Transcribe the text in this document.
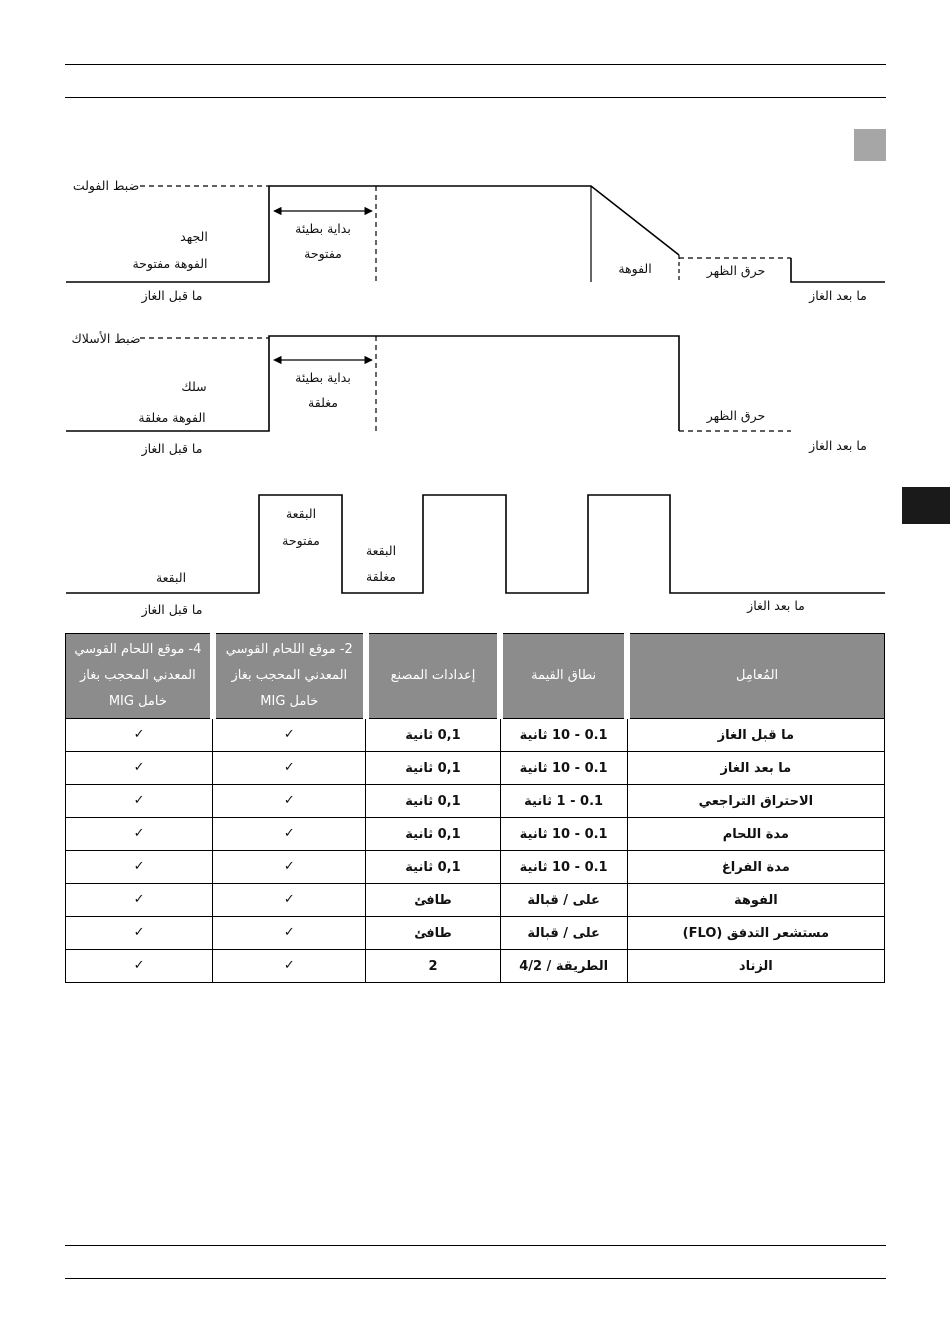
ضبط الفولت
الجهد
الفوهة مفتوحة
بداية بطيئة
مفتوحة
الفوهة	حرق الظهر
ما قبل الغاز	ما بعد الغاز
ضبط الأسلاك
سلك
الفوهة مغلقة
بداية بطيئة
مغلقة
حرق الظهر
ما قبل الغاز	ما بعد الغاز
البقعة
مفتوحة
البقعة
مغلقة
البقعة
ما قبل الغاز	ما بعد الغاز
المُعامِل	نطاق القيمة	إعدادات المصنع	2- موقع اللحام القوسي
المعدني المحجب بغاز
خامل MIG	4- موقع اللحام القوسي
المعدني المحجب بغاز
خامل MIG
ما قبل الغاز	0.1 - 10 ثانية	0,1 ثانية	✓	✓
ما بعد الغاز	0.1 - 10 ثانية	0,1 ثانية	✓	✓
الاحتراق التراجعي	0.1 - 1 ثانية	0,1 ثانية	✓	✓
مدة اللحام	0.1 - 10 ثانية	0,1 ثانية	✓	✓
مدة الفراغ	0.1 - 10 ثانية	0,1 ثانية	✓	✓
الفوهة	على / قبالة	طافئ	✓	✓
مستشعر التدفق (FLO)	على / قبالة	طافئ	✓	✓
الزناد	الطريقة / 4/2	2	✓	✓
